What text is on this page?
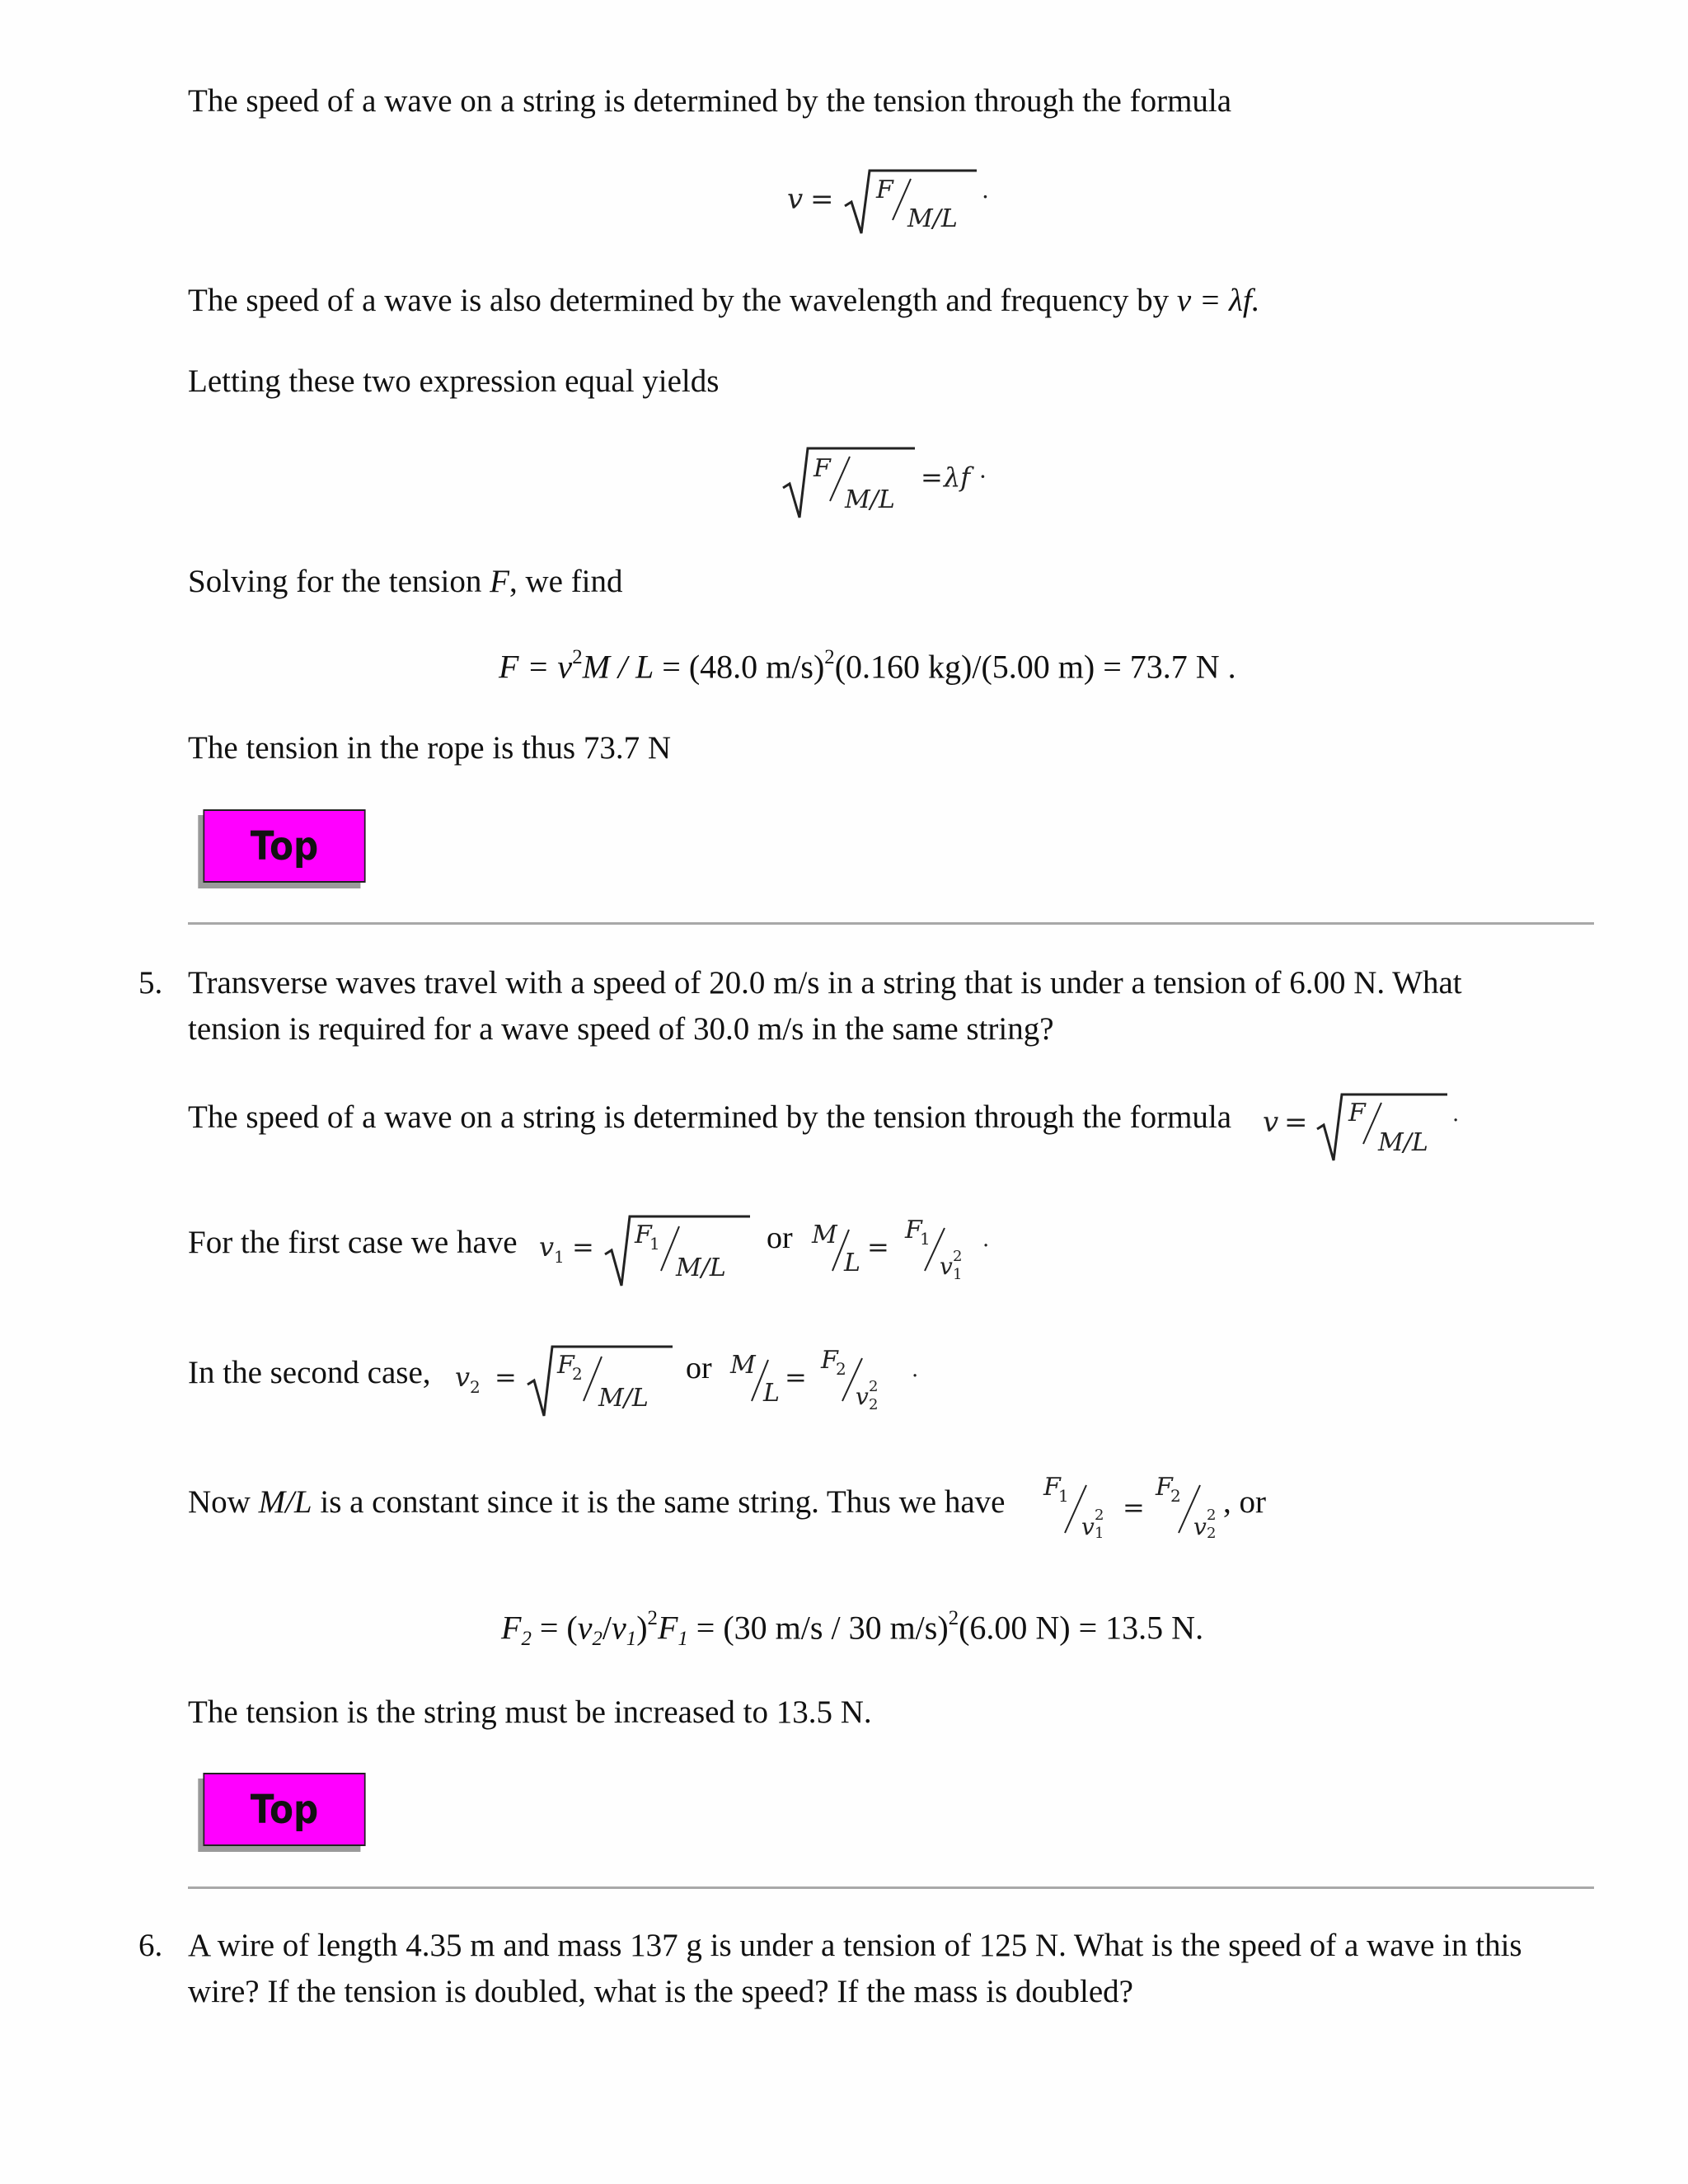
The speed of a wave on a string is determined by the tension through the formula
v = F
M/L
.
The speed of a wave is also determined by the wavelength and frequency by v = λf.
Letting these two expression equal yields
F
M/L
= λf ·
Solving for the tension F, we find
$F = v^2M / L = (48.0$ m/s)$^2$(0.160 kg)/(5.00 m) = 73.7 N .
The tension in the rope is thus 73.7 N
Top
5. Transverse waves travel with a speed of 20.0 m/s in a string that is under a tension of 6.00 N. What
tension is required for a wave speed of 30.0 m/s in the same string?
The speed of a wave on a string is determined by the tension through the formula v = F
M/L
.
For the first case we have v 1 = F
1
M/L
or M
L
=
F
1
v 2
1
·
In the second case, v 2 = F
2
M/L
or M
L
=
F
2
v 2
2
·
Now M/L is a constant since it is the same string. Thus we have F
1
v 2
1
=
F
2
v 2
2
, or
$F_2 = (v_2/v_1)^2F_1 = (30$ m/s / 30 m/s)$^2$(6.00 N) = 13.5 N.
The tension is the string must be increased to 13.5 N.
Top
6. A wire of length 4.35 m and mass 137 g is under a tension of 125 N. What is the speed of a wave in this
wire? If the tension is doubled, what is the speed? If the mass is doubled?
